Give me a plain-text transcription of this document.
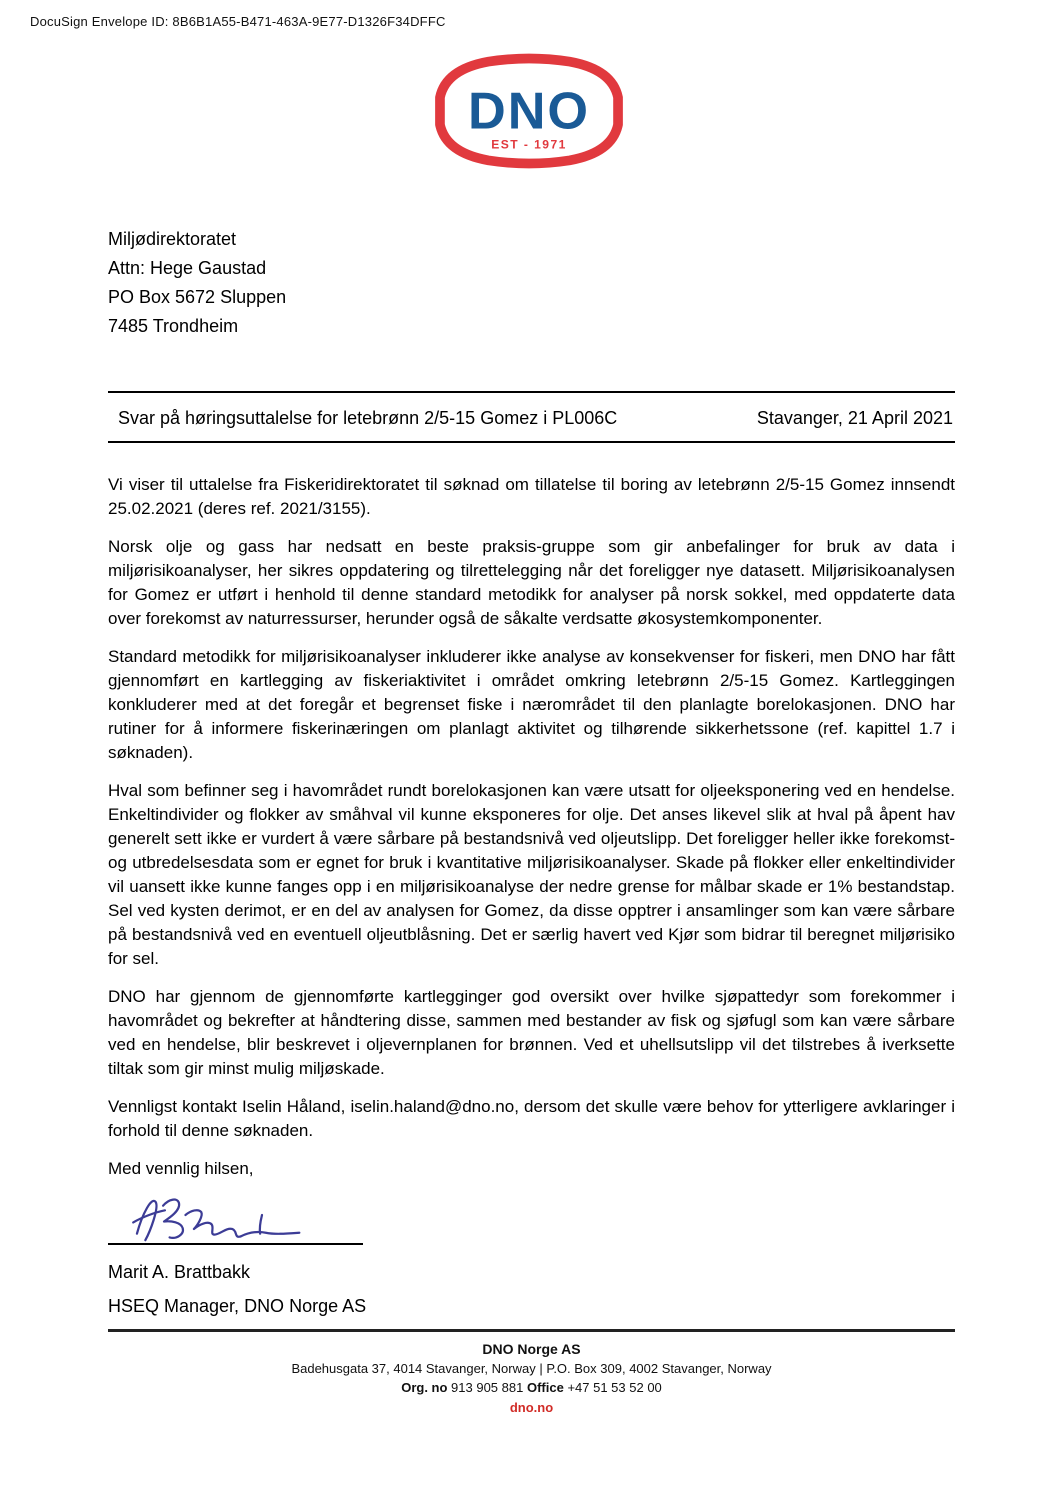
DocuSign Envelope ID: 8B6B1A55-B471-463A-9E77-D1326F34DFFC
DNO
EST - 1971
Miljødirektoratet
Attn: Hege Gaustad
PO Box 5672 Sluppen
7485 Trondheim
Svar på høringsuttalelse for letebrønn 2/5-15 Gomez i PL006C	Stavanger, 21 April 2021

Vi viser til uttalelse fra Fiskeridirektoratet til søknad om tillatelse til boring av letebrønn 2/5-15 Gomez innsendt 25.02.2021 (deres ref. 2021/3155).

Norsk olje og gass har nedsatt en beste praksis-gruppe som gir anbefalinger for bruk av data i miljørisikoanalyser, her sikres oppdatering og tilrettelegging når det foreligger nye datasett. Miljørisikoanalysen for Gomez er utført i henhold til denne standard metodikk for analyser på norsk sokkel, med oppdaterte data over forekomst av naturressurser, herunder også de såkalte verdsatte økosystemkomponenter.

Standard metodikk for miljørisikoanalyser inkluderer ikke analyse av konsekvenser for fiskeri, men DNO har fått gjennomført en kartlegging av fiskeriaktivitet i området omkring letebrønn 2/5-15 Gomez. Kartleggingen konkluderer med at det foregår et begrenset fiske i nærområdet til den planlagte borelokasjonen. DNO har rutiner for å informere fiskerinæringen om planlagt aktivitet og tilhørende sikkerhetssone (ref. kapittel 1.7 i søknaden).

Hval som befinner seg i havområdet rundt borelokasjonen kan være utsatt for oljeeksponering ved en hendelse. Enkeltindivider og flokker av småhval vil kunne eksponeres for olje. Det anses likevel slik at hval på åpent hav generelt sett ikke er vurdert å være sårbare på bestandsnivå ved oljeutslipp. Det foreligger heller ikke forekomst- og utbredelsesdata som er egnet for bruk i kvantitative miljørisikoanalyser. Skade på flokker eller enkeltindivider vil uansett ikke kunne fanges opp i en miljørisikoanalyse der nedre grense for målbar skade er 1% bestandstap. Sel ved kysten derimot, er en del av analysen for Gomez, da disse opptrer i ansamlinger som kan være sårbare på bestandsnivå ved en eventuell oljeutblåsning. Det er særlig havert ved Kjør som bidrar til beregnet miljørisiko for sel.

DNO har gjennom de gjennomførte kartlegginger god oversikt over hvilke sjøpattedyr som forekommer i havområdet og bekrefter at håndtering disse, sammen med bestander av fisk og sjøfugl som kan være sårbare ved en hendelse, blir beskrevet i oljevernplanen for brønnen. Ved et uhellsutslipp vil det tilstrebes å iverksette tiltak som gir minst mulig miljøskade.

Vennligst kontakt Iselin Håland, iselin.haland@dno.no, dersom det skulle være behov for ytterligere avklaringer i forhold til denne søknaden.

Med vennlig hilsen,
Marit A. Brattbakk
HSEQ Manager, DNO Norge AS
DNO Norge AS
Badehusgata 37, 4014 Stavanger, Norway | P.O. Box 309, 4002 Stavanger, Norway
Org. no 913 905 881 Office +47 51 53 52 00
dno.no
